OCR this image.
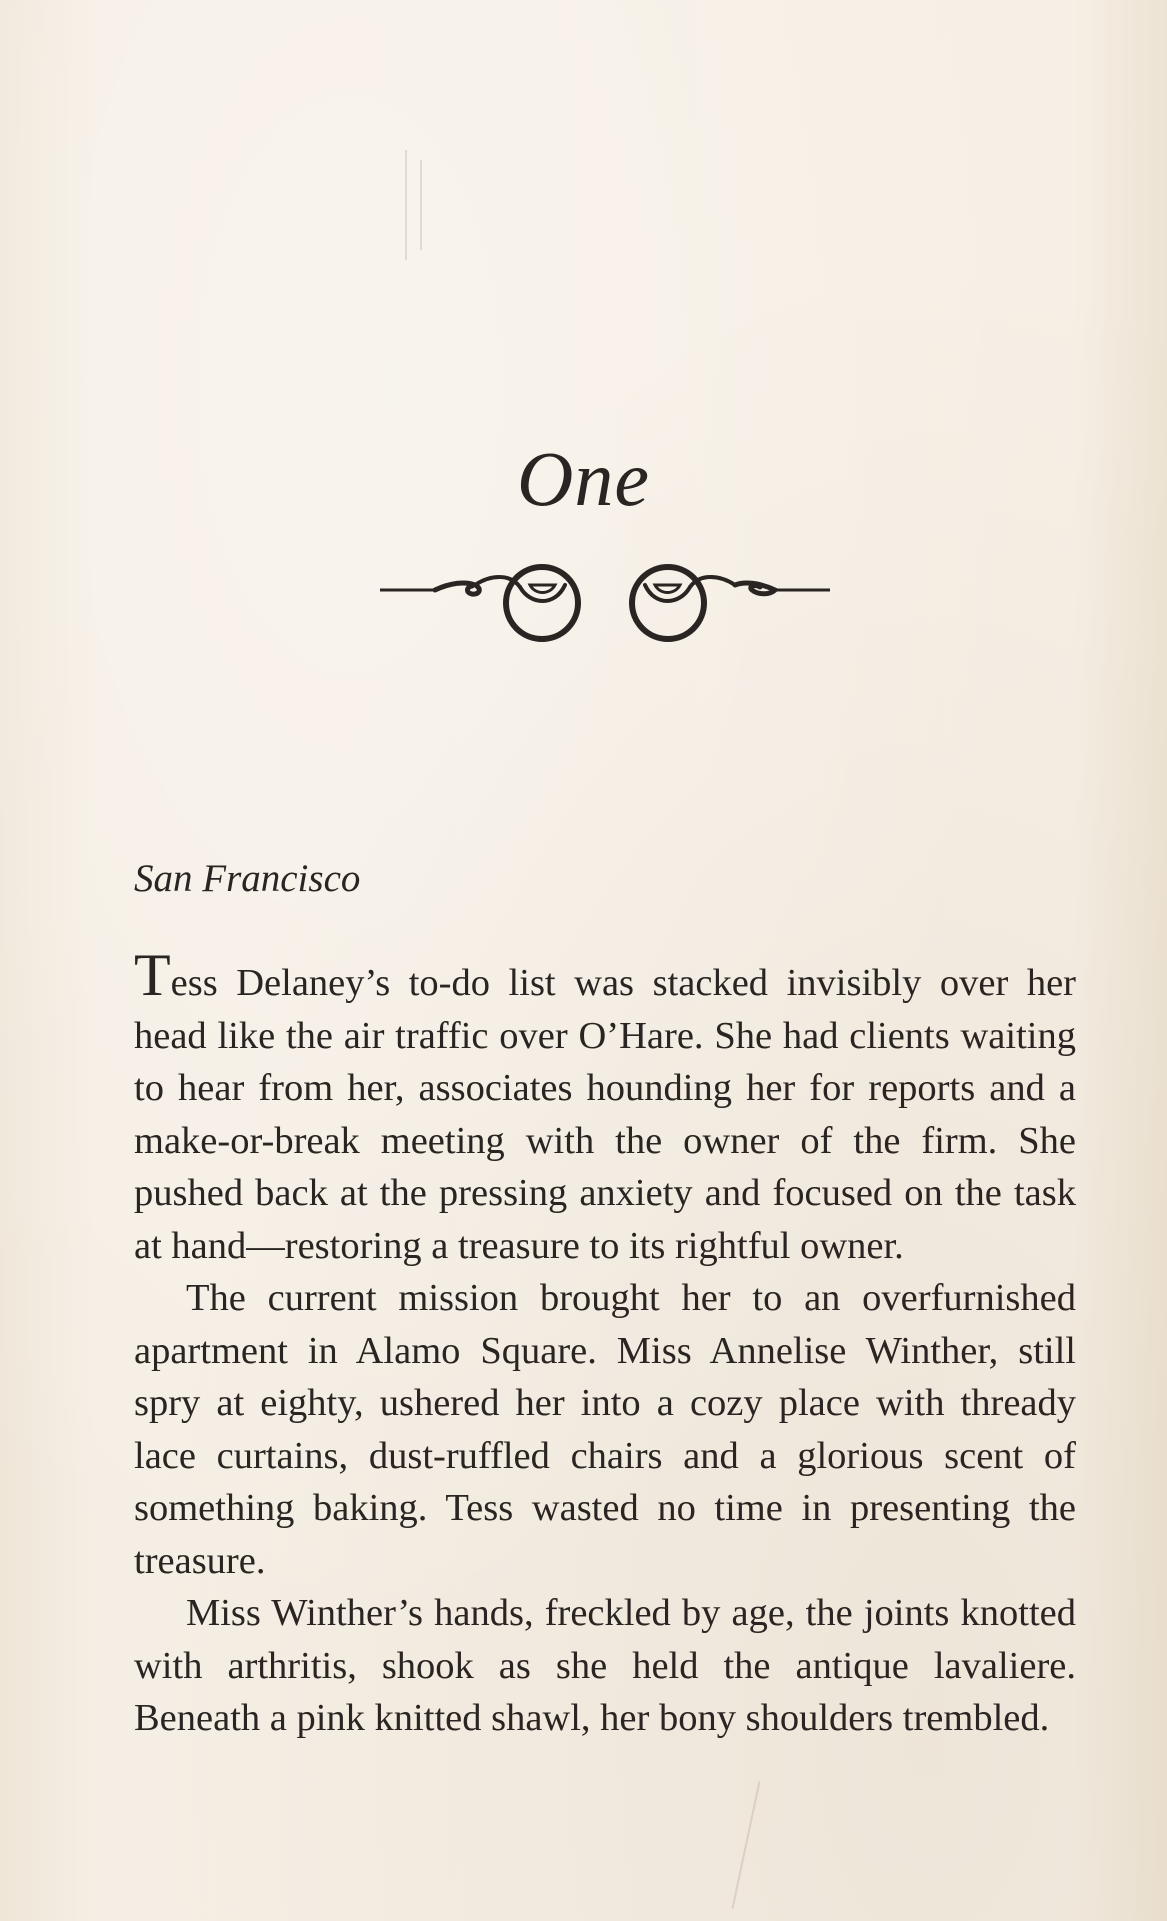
One
San Francisco

Tess Delaney’s to-do list was stacked invisibly over her head like the air traffic over O’Hare. She had clients waiting to hear from her, associates hounding her for reports and a make-or-break meeting with the owner of the firm. She pushed back at the pressing anxiety and focused on the task at hand—restoring a treasure to its rightful owner.

The current mission brought her to an overfurnished apartment in Alamo Square. Miss Annelise Winther, still spry at eighty, ushered her into a cozy place with thready lace curtains, dust-ruffled chairs and a glorious scent of something baking. Tess wasted no time in presenting the treasure.

Miss Winther’s hands, freckled by age, the joints knotted with arthritis, shook as she held the antique lavaliere. Beneath a pink knitted shawl, her bony shoulders trembled.
